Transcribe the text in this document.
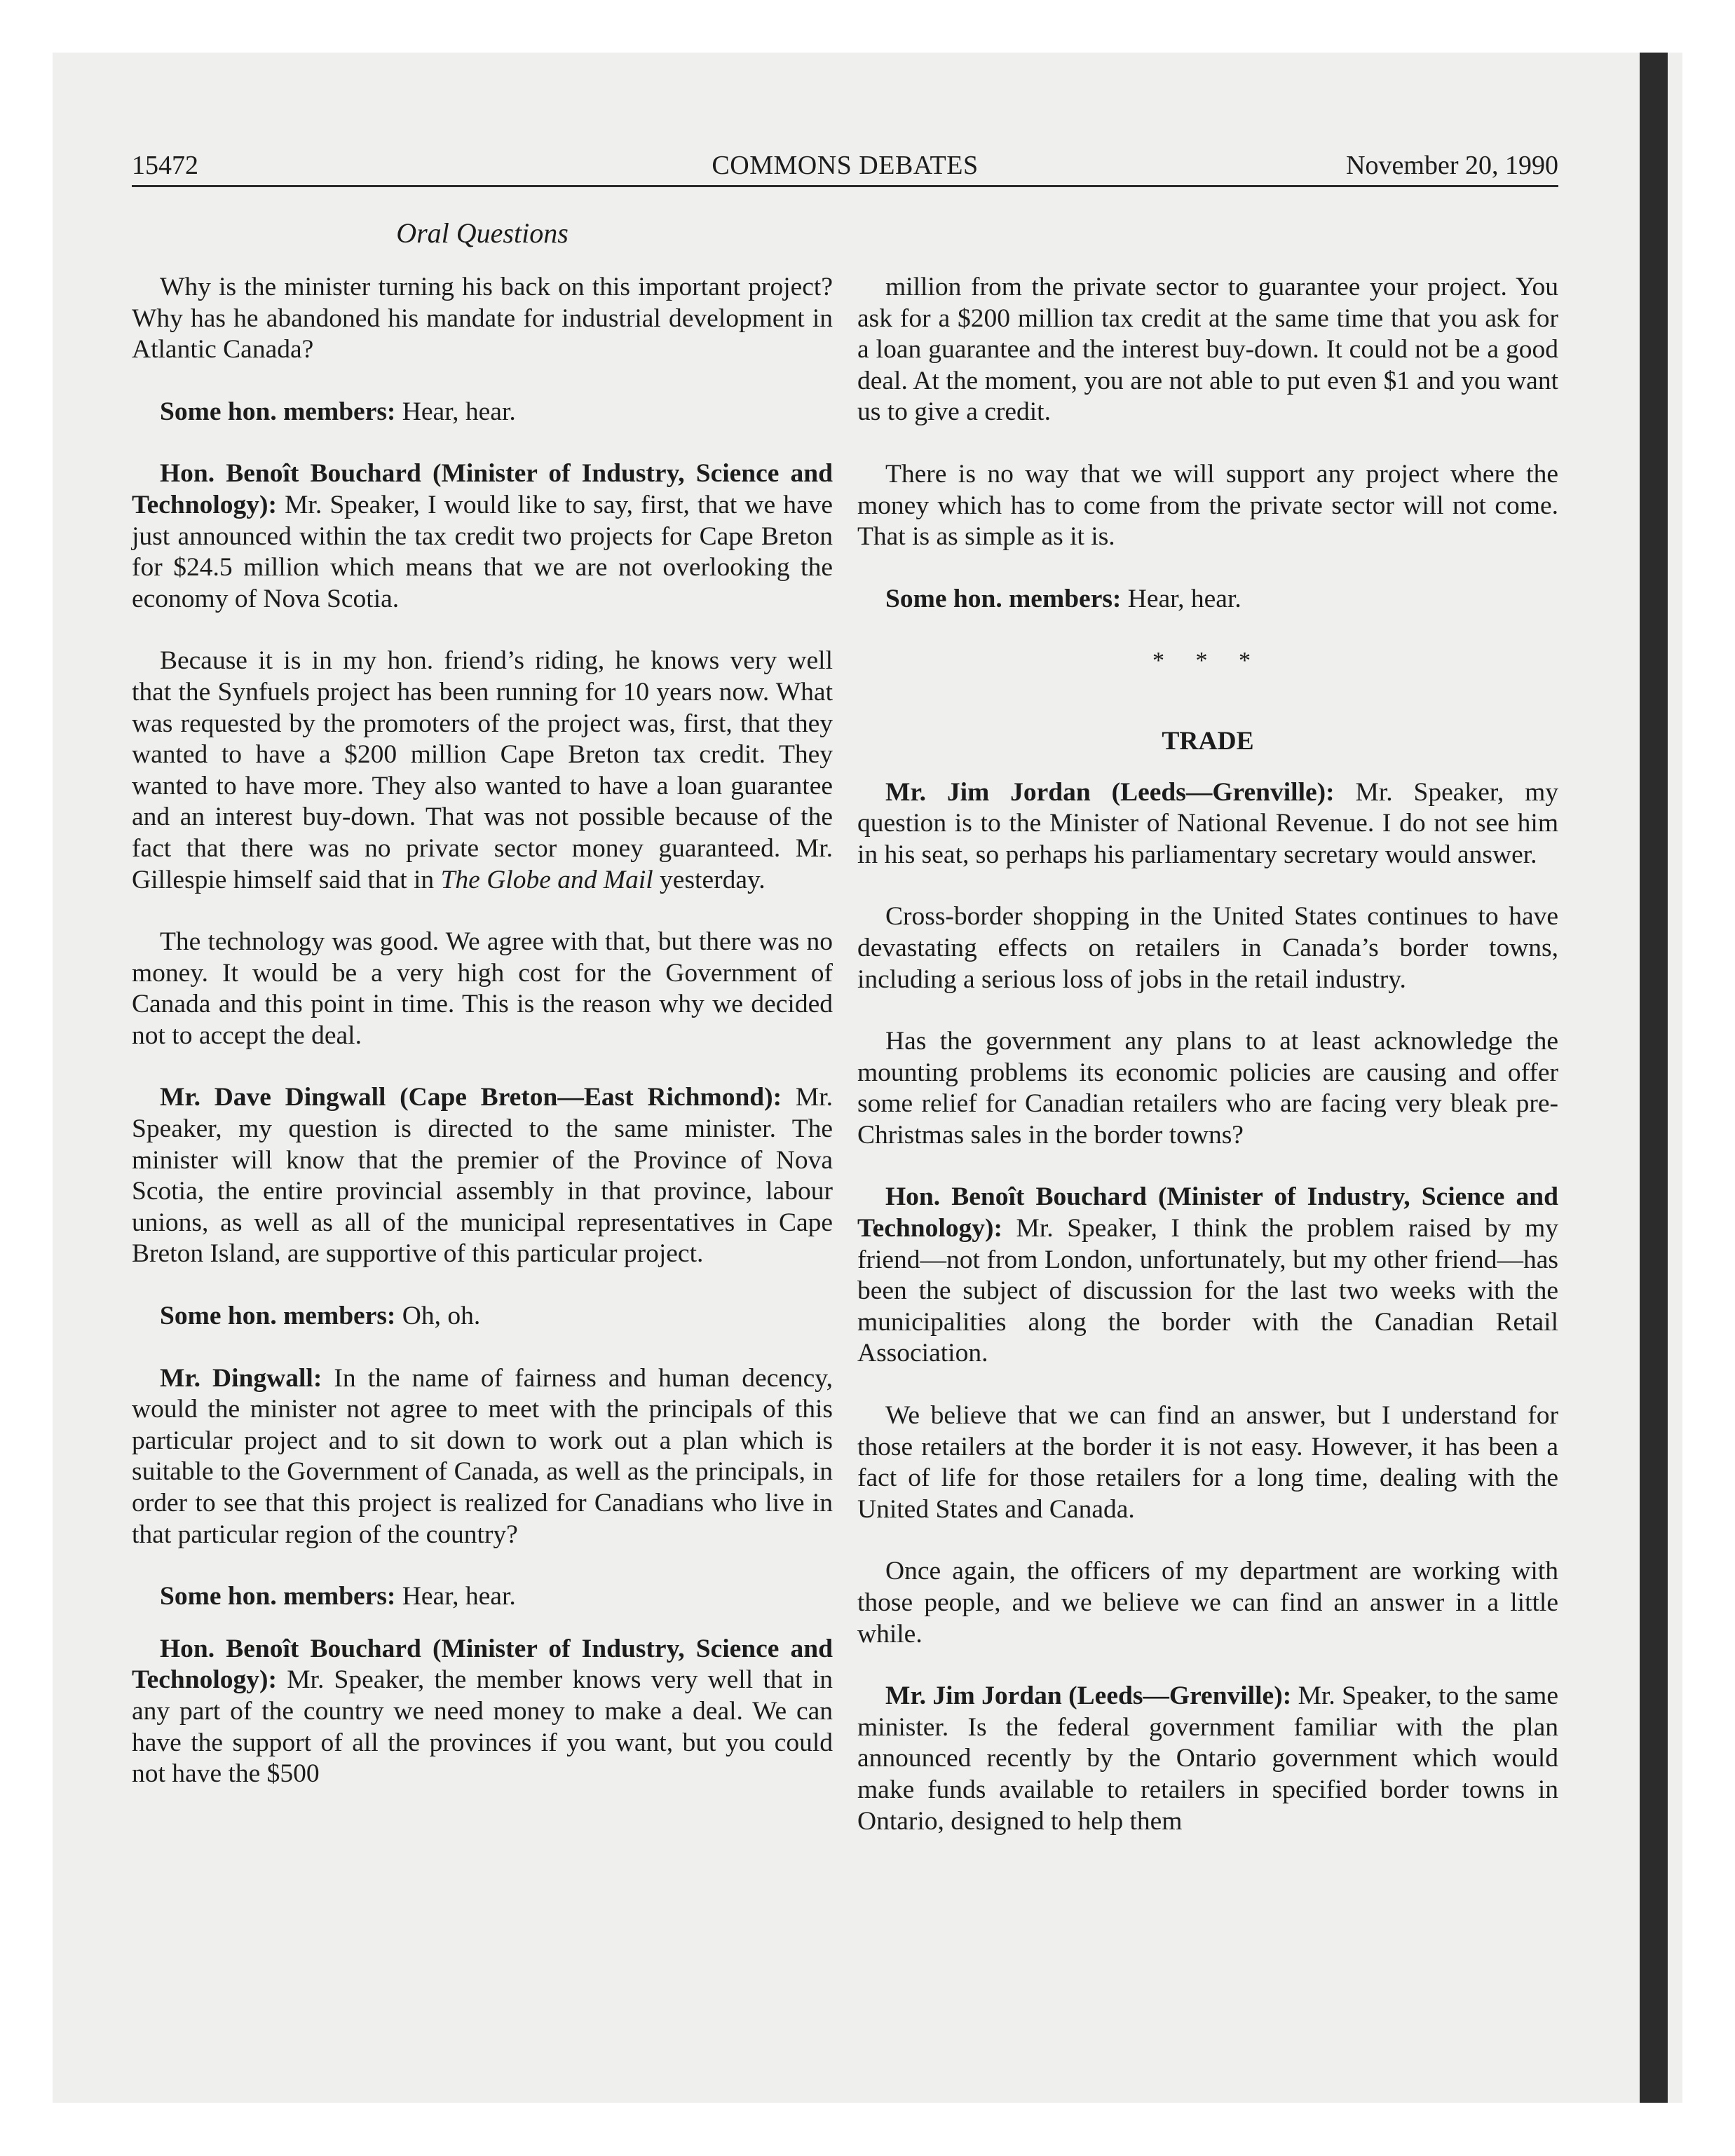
15472	COMMONS DEBATES	November 20, 1990
Oral Questions

Why is the minister turning his back on this important project? Why has he abandoned his mandate for industrial development in Atlantic Canada?

Some hon. members: Hear, hear.

Hon. Benoît Bouchard (Minister of Industry, Science and Technology): Mr. Speaker, I would like to say, first, that we have just announced within the tax credit two projects for Cape Breton for $24.5 million which means that we are not overlooking the economy of Nova Scotia.

Because it is in my hon. friend’s riding, he knows very well that the Synfuels project has been running for 10 years now. What was requested by the promoters of the project was, first, that they wanted to have a $200 million Cape Breton tax credit. They wanted to have more. They also wanted to have a loan guarantee and an interest buy-down. That was not possible because of the fact that there was no private sector money guaranteed. Mr. Gillespie himself said that in The Globe and Mail yesterday.

The technology was good. We agree with that, but there was no money. It would be a very high cost for the Government of Canada and this point in time. This is the reason why we decided not to accept the deal.

Mr. Dave Dingwall (Cape Breton—East Richmond): Mr. Speaker, my question is directed to the same minister. The minister will know that the premier of the Province of Nova Scotia, the entire provincial assembly in that province, labour unions, as well as all of the municipal representatives in Cape Breton Island, are supportive of this particular project.

Some hon. members: Oh, oh.

Mr. Dingwall: In the name of fairness and human decency, would the minister not agree to meet with the principals of this particular project and to sit down to work out a plan which is suitable to the Government of Canada, as well as the principals, in order to see that this project is realized for Canadians who live in that particular region of the country?

Some hon. members: Hear, hear.

Hon. Benoît Bouchard (Minister of Industry, Science and Technology): Mr. Speaker, the member knows very well that in any part of the country we need money to make a deal. We can have the support of all the provinces if you want, but you could not have the $500

million from the private sector to guarantee your project. You ask for a $200 million tax credit at the same time that you ask for a loan guarantee and the interest buy-down. It could not be a good deal. At the moment, you are not able to put even $1 and you want us to give a credit.

There is no way that we will support any project where the money which has to come from the private sector will not come. That is as simple as it is.

Some hon. members: Hear, hear.

* * *
TRADE

Mr. Jim Jordan (Leeds—Grenville): Mr. Speaker, my question is to the Minister of National Revenue. I do not see him in his seat, so perhaps his parliamentary secretary would answer.

Cross-border shopping in the United States continues to have devastating effects on retailers in Canada’s border towns, including a serious loss of jobs in the retail industry.

Has the government any plans to at least acknowledge the mounting problems its economic policies are causing and offer some relief for Canadian retailers who are facing very bleak pre-Christmas sales in the border towns?

Hon. Benoît Bouchard (Minister of Industry, Science and Technology): Mr. Speaker, I think the problem raised by my friend—not from London, unfortunately, but my other friend—has been the subject of discussion for the last two weeks with the municipalities along the border with the Canadian Retail Association.

We believe that we can find an answer, but I understand for those retailers at the border it is not easy. However, it has been a fact of life for those retailers for a long time, dealing with the United States and Canada.

Once again, the officers of my department are working with those people, and we believe we can find an answer in a little while.

Mr. Jim Jordan (Leeds—Grenville): Mr. Speaker, to the same minister. Is the federal government familiar with the plan announced recently by the Ontario government which would make funds available to retailers in specified border towns in Ontario, designed to help them
